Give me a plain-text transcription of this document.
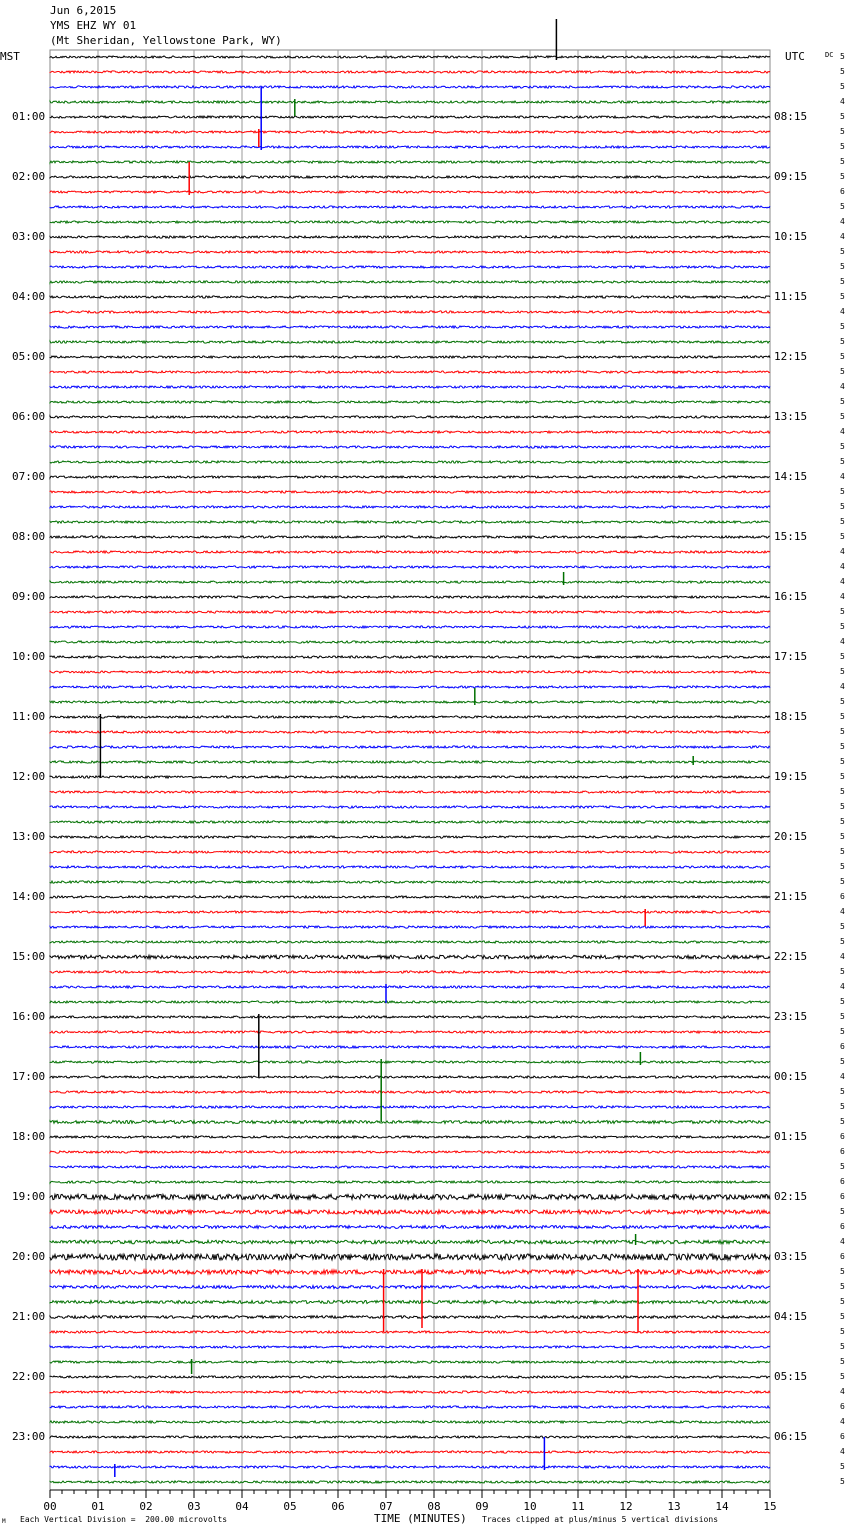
Jun 6,2015
YMS EHZ WY 01
(Mt Sheridan, Yellowstone Park, WY)
MST	UTC	DC
00	01	02	03	04	05	06	07	08	09	10	11	12	13	14	15
01:00
02:00
03:00
04:00
05:00
06:00
07:00
08:00
09:00
10:00
11:00
12:00
13:00
14:00
15:00
16:00
17:00
18:00
19:00
20:00
21:00
22:00
23:00
08:15
09:15
10:15
11:15
12:15
13:15
14:15
15:15
16:15
17:15
18:15
19:15
20:15
21:15
22:15
23:15
00:15
01:15
02:15
03:15
04:15
05:15
06:15
5
5
5
4
5
5
5
5
5
6
5
4
4
5
5
5
5
4
5
5
5
5
4
5
5
4
5
5
4
5
5
5
5
4
4
4
4
5
5
4
5
5
4
5
5
5
5
5
5
5
5
5
5
5
5
5
6
4
5
5
4
5
4
5
5
5
6
5
4
5
5
5
6
6
5
6
6
5
6
4
6
5
5
5
5
5
5
5
5
4
6
4
6
4
5
5
M Each Vertical Division =  200.00 microvolts	TIME (MINUTES) Traces clipped at plus/minus 5 vertical divisions
